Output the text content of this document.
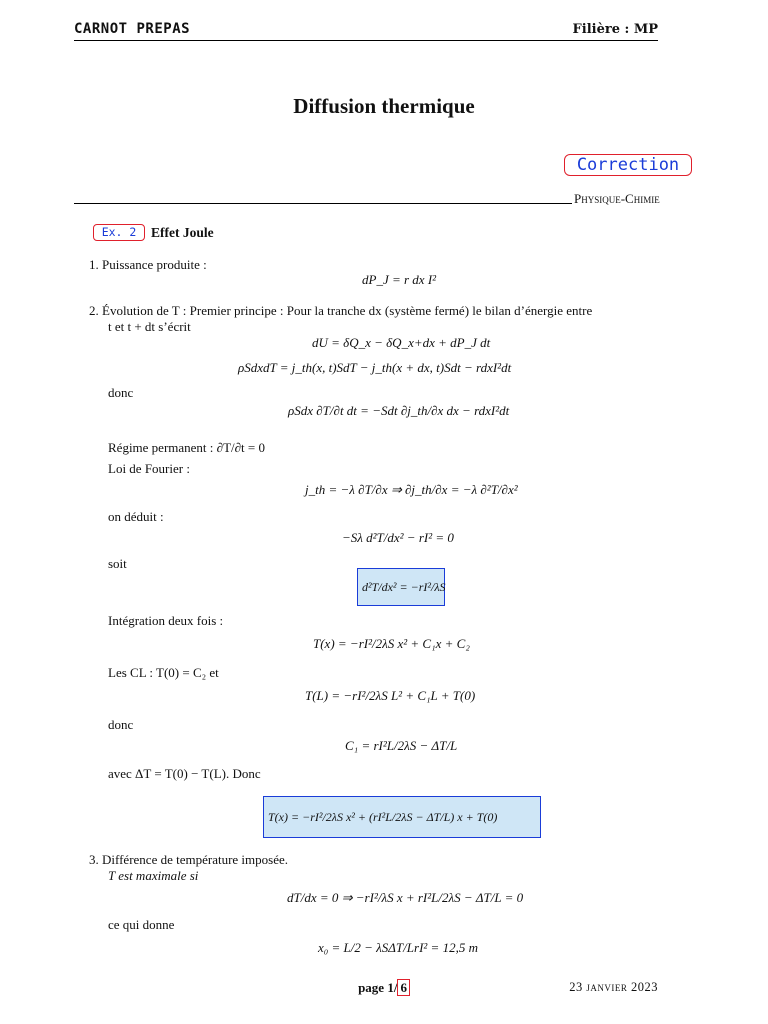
CARNOT PREPAS	Filière : MP
Diffusion thermique
Correction
Physique-Chimie
Ex. 2	Effet Joule
1. Puissance produite :
dP_J = r dx I²
2. Évolution de T : Premier principe : Pour la tranche dx (système fermé) le bilan d’énergie entre
t et t + dt s’écrit
dU = δQ_x − δQ_x+dx + dP_J dt
ρSdxdT = j_th(x, t)SdT − j_th(x + dx, t)Sdt − rdxI²dt
donc
ρSdx ∂T/∂t dt = −Sdt ∂j_th/∂x dx − rdxI²dt
Régime permanent : ∂T/∂t = 0
Loi de Fourier :
j_th = −λ ∂T/∂x ⇒ ∂j_th/∂x = −λ ∂²T/∂x²
on déduit :
−Sλ d²T/dx² − rI² = 0
soit
d²T/dx² = −rI²/λS
Intégration deux fois :
T(x) = −rI²/2λS x² + C₁x + C₂
Les CL : T(0) = C₂ et
T(L) = −rI²/2λS L² + C₁L + T(0)
donc
C₁ = rI²L/2λS − ΔT/L
avec ΔT = T(0) − T(L). Donc
T(x) = −rI²/2λS x² + (rI²L/2λS − ΔT/L) x + T(0)
3. Différence de température imposée.
T est maximale si
dT/dx = 0 ⇒ −rI²/λS x + rI²L/2λS − ΔT/L = 0
ce qui donne
x₀ = L/2 − λSΔT/LrI² = 12,5 m
page 1/ 6	23 janvier 2023
